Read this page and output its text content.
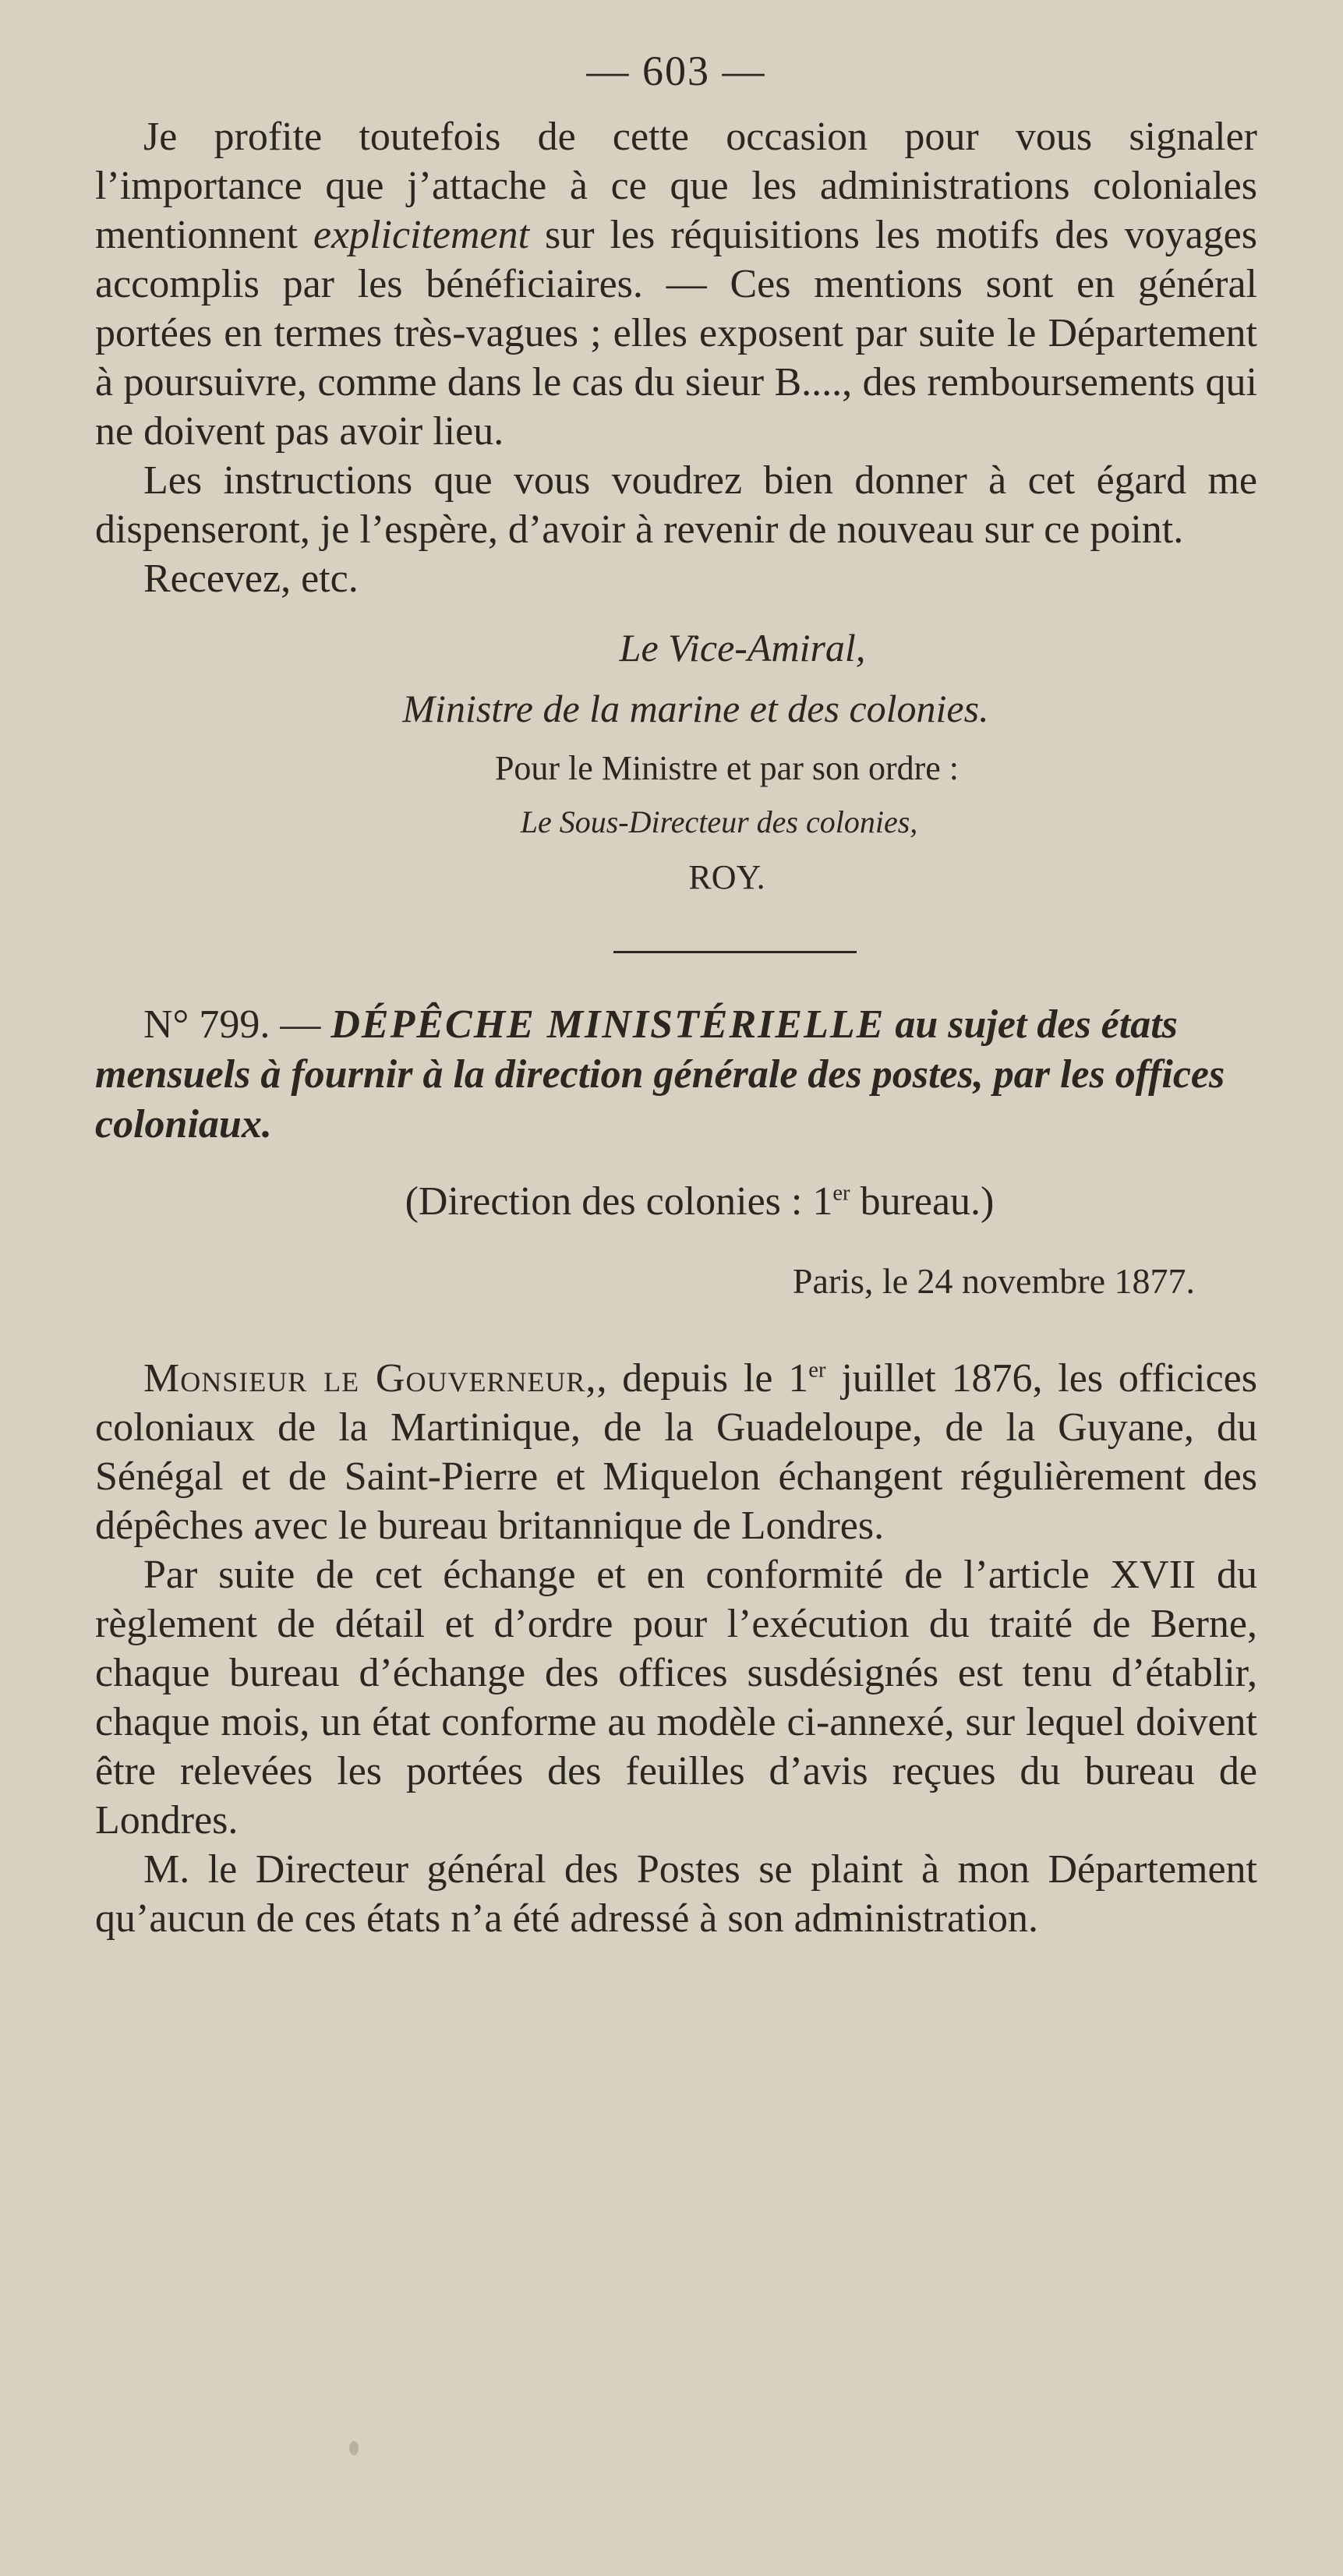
— 603 —

Je profite toutefois de cette occasion pour vous signaler l’importance que j’attache à ce que les administrations coloniales mentionnent explicitement sur les réquisitions les motifs des voyages accomplis par les bénéficiaires. — Ces mentions sont en général portées en termes très-vagues ; elles exposent par suite le Département à poursuivre, comme dans le cas du sieur B...., des remboursements qui ne doivent pas avoir lieu.

Les instructions que vous voudrez bien donner à cet égard me dispenseront, je l’espère, d’avoir à revenir de nouveau sur ce point.

Recevez, etc.

Le Vice-Amiral,
Ministre de la marine et des colonies.
Pour le Ministre et par son ordre :
Le Sous-Directeur des colonies,
ROY.

N° 799. — DÉPÊCHE MINISTÉRIELLE au sujet des états mensuels à fournir à la direction générale des postes, par les offices coloniaux.

(Direction des colonies : 1er bureau.)
Paris, le 24 novembre 1877.

Monsieur le Gouverneur,, depuis le 1er juillet 1876, les officices coloniaux de la Martinique, de la Guadeloupe, de la Guyane, du Sénégal et de Saint-Pierre et Miquelon échangent régulièrement des dépêches avec le bureau britannique de Londres.

Par suite de cet échange et en conformité de l’article XVII du règlement de détail et d’ordre pour l’exécution du traité de Berne, chaque bureau d’échange des offices susdésignés est tenu d’établir, chaque mois, un état conforme au modèle ci-annexé, sur lequel doivent être relevées les portées des feuilles d’avis reçues du bureau de Londres.

M. le Directeur général des Postes se plaint à mon Département qu’aucun de ces états n’a été adressé à son administration.
